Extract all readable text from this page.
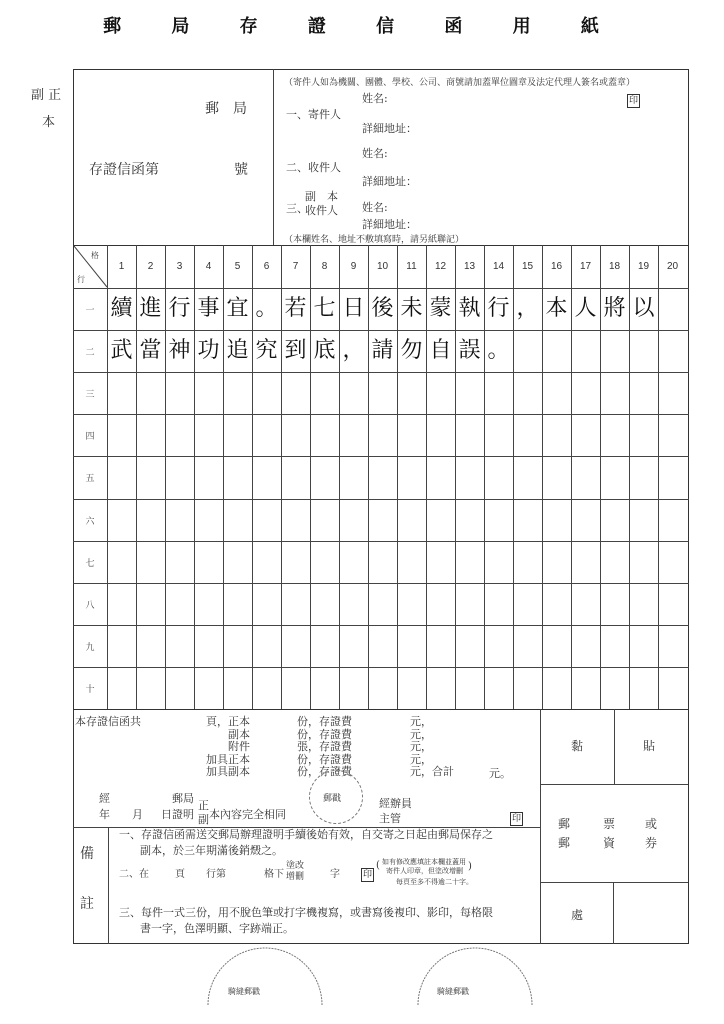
郵 局 存 證 信 函 用 紙
副 正
本
郵　局
存證信函第	號
（寄件人如為機關、團體、學校、公司、商號請加蓋單位圖章及法定代理人簽名或蓋章）
姓名:	印
一、寄件人
詳細地址：
姓名:
二、收件人
詳細地址：
三、
副　本
收件人 姓名:
詳細地址：
（本欄姓名、地址不敷填寫時，請另紙聯記）
格
行
1	2	3	4	5	6	7	8	9	10	11	12	13	14	15	16	17	18	19	20
一 續 進 行 事 宜 。 若 七 日 後 未 蒙 執 行 ， 本 人 將 以
二 武 當 神 功 追 究 到 底 ， 請 勿 自 誤 。
三
四
五
六
七
八
九
十
本存證信函共	頁，正本	份，存證費	元，
副本	份，存證費	元，
附件	張，存證費	元，
加具正本	份，存證費	元，
加具副本	份，存證費	元，合計	元。
經	郵局
年 月 日證明
正
副 本內容完全相同
郵戳	經辦員
主管	印
黏	貼
郵	票 或
郵	資 券
處
備
註
一、存證信函需送交郵局辦理證明手續後始有效，自交寄之日起由郵局保存之
副本，於三年期滿後銷燬之。
二、在	頁 行第	格下
塗改
增刪	字	印
( 如有修改應填註本欄並蓋用
寄件人印章，但塗改增刪 )
每頁至多不得逾二十字。
三、每件一式三份，用不脫色筆或打字機複寫，或書寫後複印、影印，每格限
書一字，色澤明顯、字跡端正。
騎縫郵戳	騎縫郵戳
